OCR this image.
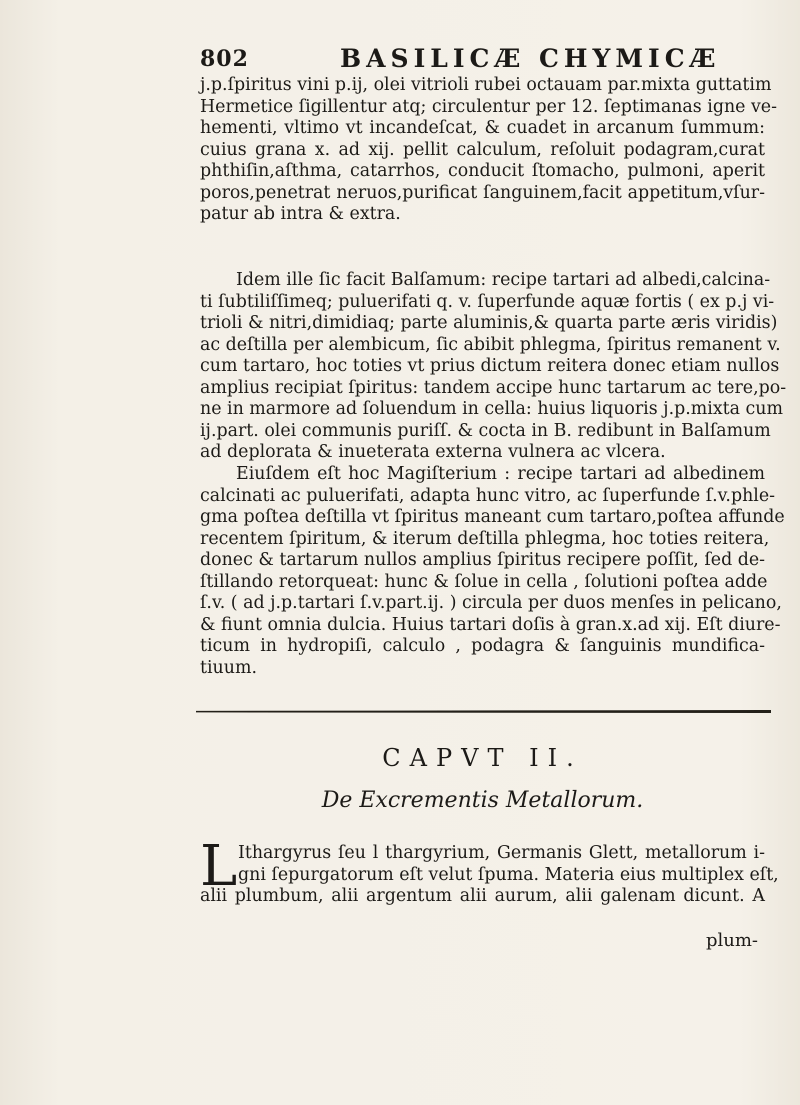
802	BASILICÆ CHYMICÆ
j.p.ſpiritus vini p.ij, olei vitrioli rubei octauam par.mixta guttatim
Hermetice ſigillentur atq; circulentur per 12. ſeptimanas igne ve-
hementi, vltimo vt incandeſcat, & cuadet in arcanum ſummum:
cuius grana x. ad xij. pellit calculum, reſoluit podagram,curat
phthiſin,aſthma, catarrhos, conducit ſtomacho, pulmoni, aperit
poros,penetrat neruos,purificat ſanguinem,facit appetitum,vſur-
patur ab intra & extra.
Idem ille ſic facit Balſamum: recipe tartari ad albedi,calcina-
ti ſubtiliſſimeq; puluerifati q. v. ſuperfunde aquæ fortis ( ex p.j vi-
trioli & nitri,dimidiaq; parte aluminis,& quarta parte æris viridis)
ac deſtilla per alembicum, ſic abibit phlegma, ſpiritus remanent v.
cum tartaro, hoc toties vt prius dictum reitera donec etiam nullos
amplius recipiat ſpiritus: tandem accipe hunc tartarum ac tere,po-
ne in marmore ad ſoluendum in cella: huius liquoris j.p.mixta cum
ij.part. olei communis puriſſ. & cocta in B. redibunt in Balſamum
ad deplorata & inueterata externa vulnera ac vlcera.
Eiuſdem eſt hoc Magiſterium : recipe tartari ad albedinem
calcinati ac puluerifati, adapta hunc vitro, ac ſuperfunde ſ.v.phle-
gma poſtea deſtilla vt ſpiritus maneant cum tartaro,poſtea affunde
recentem ſpiritum, & iterum deſtilla phlegma, hoc toties reitera,
donec & tartarum nullos amplius ſpiritus recipere poſſit, ſed de-
ſtillando retorqueat: hunc & ſolue in cella , ſolutioni poſtea adde
ſ.v. ( ad j.p.tartari ſ.v.part.ij. ) circula per duos menſes in pelicano,
& fiunt omnia dulcia. Huius tartari doſis à gran.x.ad xij. Eſt diure-
ticum in hydropiſi, calculo , podagra & ſanguinis mundifica-
tiuum.
CAPVT II.
De Excrementis Metallorum.
L Ithargyrus ſeu l thargyrium, Germanis Glett, metallorum i-
gni ſepurgatorum eſt velut ſpuma. Materia eius multiplex eſt,
alii plumbum, alii argentum alii aurum, alii galenam dicunt. A
plum-
